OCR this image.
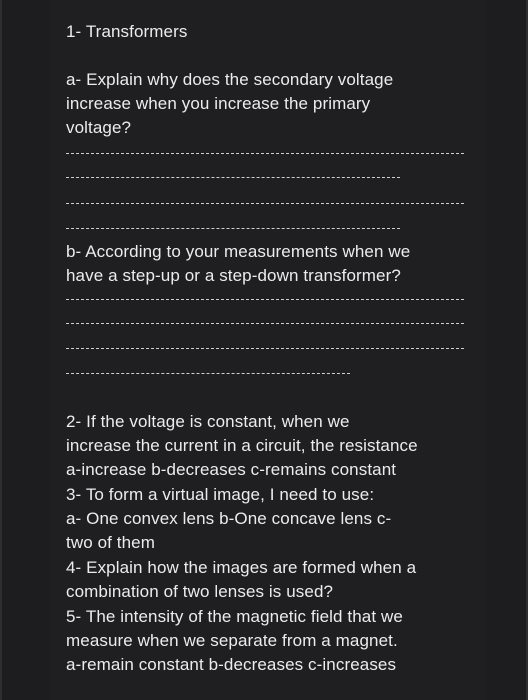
1- Transformers
a- Explain why does the secondary voltage
increase when you increase the primary
voltage?
b- According to your measurements when we
have a step-up or a step-down transformer?
2- If the voltage is constant, when we
increase the current in a circuit, the resistance
a-increase b-decreases c-remains constant
3- To form a virtual image, I need to use:
a- One convex lens b-One concave lens c-
two of them
4- Explain how the images are formed when a
combination of two lenses is used?
5- The intensity of the magnetic field that we
measure when we separate from a magnet.
a-remain constant b-decreases c-increases
